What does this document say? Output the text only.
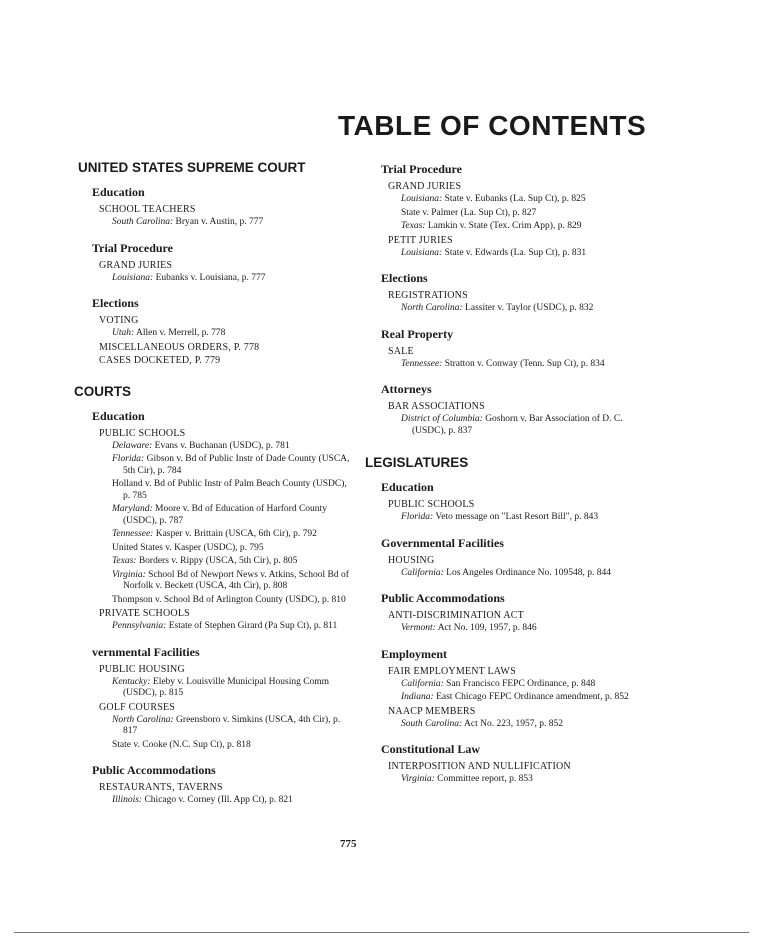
TABLE OF CONTENTS
UNITED STATES SUPREME COURT
Education
SCHOOL TEACHERS
South Carolina: Bryan v. Austin, p. 777
Trial Procedure
GRAND JURIES
Louisiana: Eubanks v. Louisiana, p. 777
Elections
VOTING
Utah: Allen v. Merrell, p. 778
MISCELLANEOUS ORDERS, P. 778
CASES DOCKETED, P. 779
COURTS
Education
PUBLIC SCHOOLS
Delaware: Evans v. Buchanan (USDC), p. 781
Florida: Gibson v. Bd of Public Instr of Dade County (USCA, 5th Cir), p. 784
Holland v. Bd of Public Instr of Palm Beach County (USDC), p. 785
Maryland: Moore v. Bd of Education of Harford County (USDC), p. 787
Tennessee: Kasper v. Brittain (USCA, 6th Cir), p. 792
United States v. Kasper (USDC), p. 795
Texas: Borders v. Rippy (USCA, 5th Cir), p. 805
Virginia: School Bd of Newport News v. Atkins, School Bd of Norfolk v. Beckett (USCA, 4th Cir), p. 808
Thompson v. School Bd of Arlington County (USDC), p. 810
PRIVATE SCHOOLS
Pennsylvania: Estate of Stephen Girard (Pa Sup Ct), p. 811
vernmental Facilities
PUBLIC HOUSING
Kentucky: Eleby v. Louisville Municipal Housing Comm (USDC), p. 815
GOLF COURSES
North Carolina: Greensboro v. Simkins (USCA, 4th Cir), p. 817
State v. Cooke (N.C. Sup Ct), p. 818
Public Accommodations
RESTAURANTS, TAVERNS
Illinois: Chicago v. Corney (Ill. App Ct), p. 821
Trial Procedure
GRAND JURIES
Louisiana: State v. Eubanks (La. Sup Ct), p. 825
State v. Palmer (La. Sup Ct), p. 827
Texas: Lamkin v. State (Tex. Crim App), p. 829
PETIT JURIES
Louisiana: State v. Edwards (La. Sup Ct), p. 831
Elections
REGISTRATIONS
North Carolina: Lassiter v. Taylor (USDC), p. 832
Real Property
SALE
Tennessee: Stratton v. Conway (Tenn. Sup Ct), p. 834
Attorneys
BAR ASSOCIATIONS
District of Columbia: Goshorn v. Bar Association of D. C. (USDC), p. 837
LEGISLATURES
Education
PUBLIC SCHOOLS
Florida: Veto message on "Last Resort Bill", p. 843
Governmental Facilities
HOUSING
California: Los Angeles Ordinance No. 109548, p. 844
Public Accommodations
ANTI-DISCRIMINATION ACT
Vermont: Act No. 109, 1957, p. 846
Employment
FAIR EMPLOYMENT LAWS
California: San Francisco FEPC Ordinance, p. 848
Indiana: East Chicago FEPC Ordinance amendment, p. 852
NAACP MEMBERS
South Carolina: Act No. 223, 1957, p. 852
Constitutional Law
INTERPOSITION AND NULLIFICATION
Virginia: Committee report, p. 853
775
